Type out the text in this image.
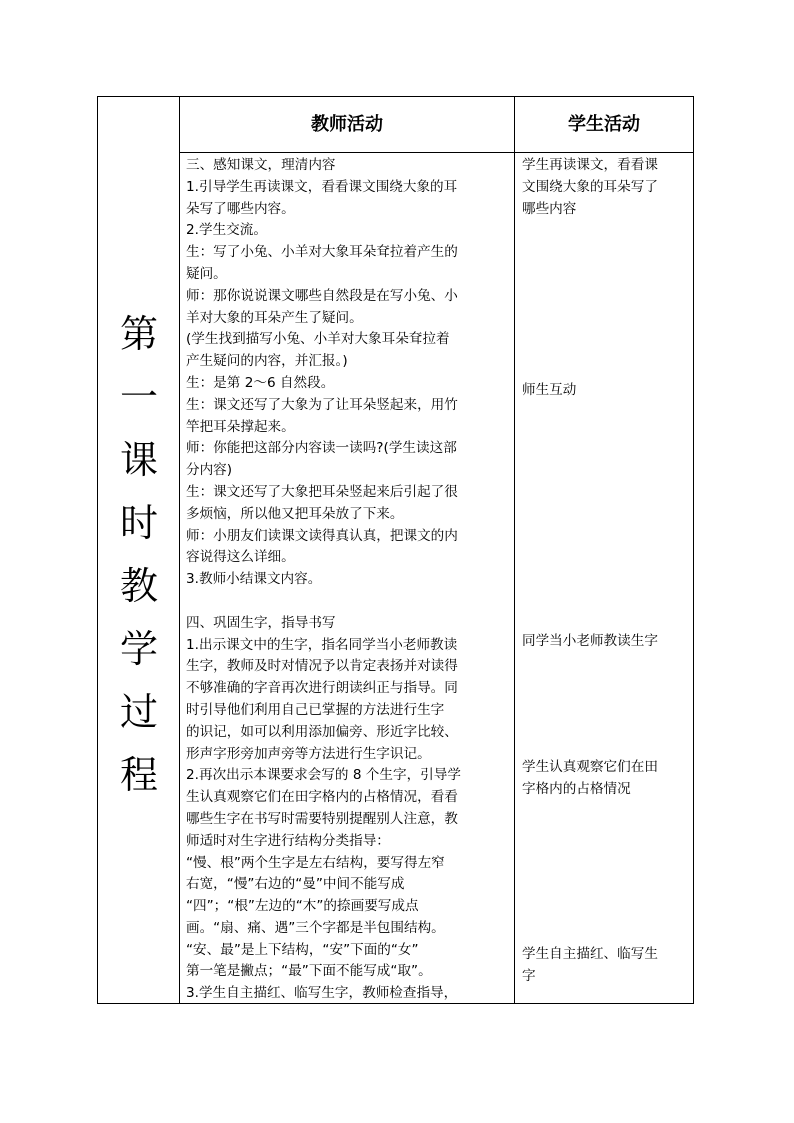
第
一
课
时
教
学
过
程
教师活动	学生活动
三、感知课文，理清内容
1.引导学生再读课文，看看课文围绕大象的耳
朵写了哪些内容。
2.学生交流。
生：写了小兔、小羊对大象耳朵耷拉着产生的
疑问。
师：那你说说课文哪些自然段是在写小兔、小
羊对大象的耳朵产生了疑问。
(学生找到描写小兔、小羊对大象耳朵耷拉着
产生疑问的内容，并汇报。)
生：是第 2～6 自然段。
生：课文还写了大象为了让耳朵竖起来，用竹
竿把耳朵撑起来。
师：你能把这部分内容读一读吗?(学生读这部
分内容)
生：课文还写了大象把耳朵竖起来后引起了很
多烦恼，所以他又把耳朵放了下来。
师：小朋友们读课文读得真认真，把课文的内
容说得这么详细。
3.教师小结课文内容。
四、巩固生字，指导书写
1.出示课文中的生字，指名同学当小老师教读
生字，教师及时对情况予以肯定表扬并对读得
不够准确的字音再次进行朗读纠正与指导。同
时引导他们利用自己已掌握的方法进行生字
的识记，如可以利用添加偏旁、形近字比较、
形声字形旁加声旁等方法进行生字识记。
2.再次出示本课要求会写的 8 个生字，引导学
生认真观察它们在田字格内的占格情况，看看
哪些生字在书写时需要特别提醒别人注意，教
师适时对生字进行结构分类指导：
“慢、根”两个生字是左右结构，要写得左窄
右宽，“慢”右边的“曼”中间不能写成
“四”；“根”左边的“木”的捺画要写成点
画。“扇、痛、遇”三个字都是半包围结构。
“安、最”是上下结构，“安”下面的“女”
第一笔是撇点；“最”下面不能写成“取”。
3.学生自主描红、临写生字，教师检查指导，
学生再读课文，看看课
文围绕大象的耳朵写了
哪些内容
师生互动
同学当小老师教读生字
学生认真观察它们在田
字格内的占格情况
学生自主描红、临写生
字
